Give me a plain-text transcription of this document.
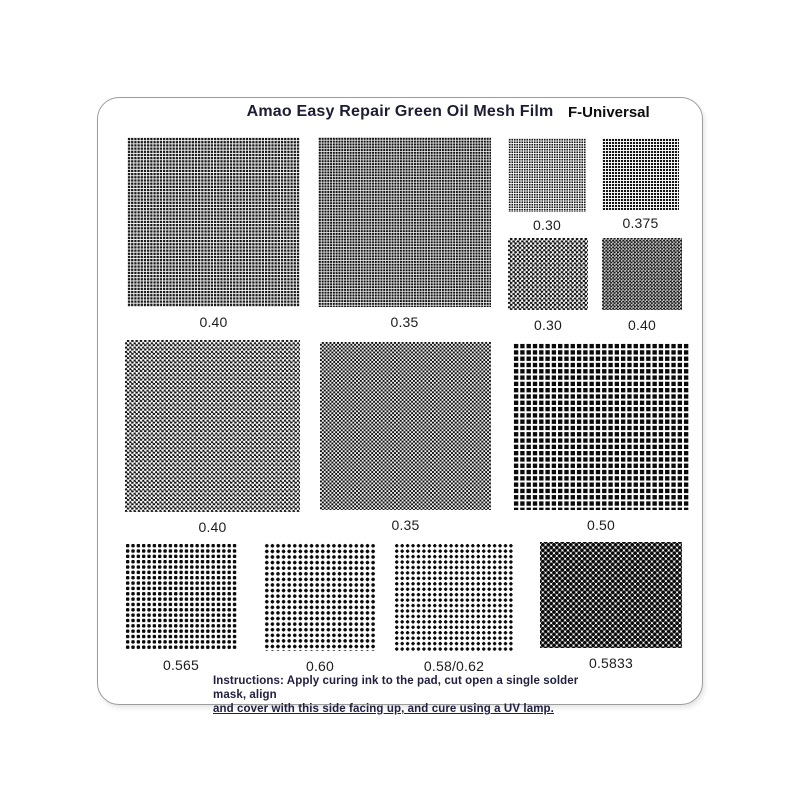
Amao Easy Repair Green Oil Mesh Film F-Universal
0.40	0.35
0.30	0.375
0.30	0.40
0.40	0.35	0.50
0.565	0.60	0.58/0.62	0.5833
Instructions: Apply curing ink to the pad, cut open a single solder mask, align
and cover with this side facing up, and cure using a UV lamp.
